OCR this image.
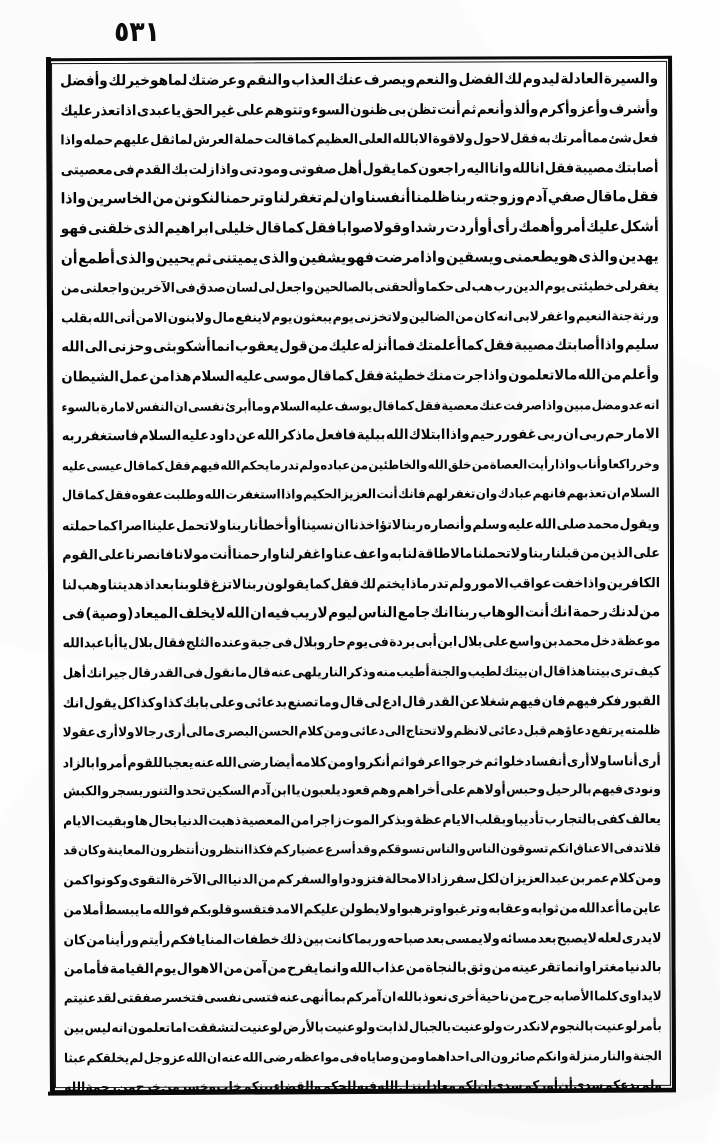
٥٣١
والسيرة
العادلة
ليدوم
لك
الفضل
والنعم
ويصرف
عنك
العذاب
والنقم
وعرضتك
لماهوخيرلك
وأفضل
وأشرف
وأعز
وأ
كرم
وألذ
وأنعم
ثم
أنت
تظن
بى
ظنون
السوء
وتتوهم
على
غير
الحق
ياعبدى
اذاتعذرعليك
فعل
شئ
مما
أمرتك
به
فقل
لاحول
ولاقوة
الابالله
العلى
العظيم
كما
قالت
حملة
العرش
لماثقل
عليهم
حمله
واذا
أصابتك
مصيبة
فقل
انالله
وانا
اليه
راجعون
كما
يقول
أهل
صفوتى
ومودتى
واذا
زلت
بك
القدم
فى
معصيتى
فقل
ماقال
صفي
آدم
وزوجته
ربنا
ظلمنا
أنفسنا
وان
لم
تغفر
لنا
وترحمنا
لنكونن
من
الخاسرين
واذا
أشكل
عليك
أمر
وأهمك
رأى
أوأردت
رشدا
وقولاصوابا
فقل
كما
قال
خليلى
ابراهيم
الذى
خلقنى
فهو
يهدين
والذى
هو
يطعمنى
ويسقين
واذامرضت
فهو
يشفين
والذى
يميتنى
ثم
يحيين
والذى
أطمع
أن
يغفرلى
خطيئتى
يوم
الدين
رب
هب
لى
حكما
وألحقنى
بالصالحين
واجعل
لى
لسان
صدق
فى
الآخرين
واجعلنى
من
ورثةجنة
النعيم
واغفر
لابى
انه
كان
من
الضالين
ولاتخزنى
يوم
يبعثون
يوم
لاينفع
مال
ولابنون
الامن
أتى
الله
بقلب
سليم
واذا
أصابتك
مصيبة
فقل
كما
أعلمتك
فما
أنزله
عليك
من
قول
يعقوب
انما
أشكو
بثى
وحزنى
الى
الله
وأعلم
من
الله
مالاتعلمون
واذاجرت
منك
خطيئة
فقل
كما
قال
موسى
عليه
السلام
هذا
من
عمل
الشيطان
انه
عدو
مضل
مبين
واذاصرفت
عنك
معصية
فقل
كما
قال
يوسف
عليه
السلام
وما
أبرئ
نفسى
ان
النفس
لامارة
بالسوء
الا
مارحم
ربى
ان
ربى
غفور
رحيم
واذا
ابتلاك
الله
ببلية
فافعل
ماذكر
الله
عن
داود
عليه
السلام
فاستغفر
ربه
وخر
راكعا
وأناب
واذا
رأيت
العصاة
من
خلق
الله
والخاطئين
من
عباده
ولم
تدر
ما
يحكم
الله
فيهم
فقل
كما
قال
عيسى
عليه
السلام
ان
تعذبهم
فانهم
عبادك
وان
تغفر
لهم
فانك
أنت
العزيز
الحكيم
واذا
استغفرت
الله
وطلبت
عفوه
فقل
كما
قال
ويقول
محمد
صلى
الله
عليه
وسلم
وأنصاره
ربنا
لاتؤاخذنا
ان
نسينا
أو
أخطأنا
ربنا
ولاتحمل
علينا
اصرا
كما
حملته
على
الذين
من
قبلنا
ربنا
ولاتحملنا
مالاطاقة
لنا
به
واعف
عنا
واغفر
لنا
وارحمنا
أنت
مولانا
فانصرنا
على
القوم
الكافرين
واذاخفت
عواقب
الامور
ولم
تدر
ماذا
يختم
لك
فقل
كما
يقولون
ربنا
لاتزغ
قلوبنا
بعد
اذ
هديتنا
وهب
لنا
من
لدنك
رحمة
انك
أنت
الوهاب
ربنا
انك
جامع
الناس
ليوم
لاريب
فيه
ان
الله
لايخلف
الميعاد
(وصية)
فى
موعظة
دخل
محمد
بن
واسع
على
بلال
ابن
أبى
بردة
فى
يوم
حار
وبلال
فى
جبة
وعنده
الثلج
فقال
بلال
يا
أباعبدالله
كيف
ترى
بيتنا
هذا
قال
ان
بيتك
لطيب
والجنة
أطيب
منه
وذكر
النار
يلهى
عنه
قال
ما
نقول
فى
القدر
قال
جيرانك
أهل
القبور
فكر
فيهم
فان
فيهم
شغلا
عن
القدر
قال
ادع
لى
قال
وما
تصنع
بدعائى
وعلى
بابك
كذا
وكذا
كل
يقول
انك
ظلمته
يرتفع
دعاؤهم
قبل
دعائى
لانظم
ولا
تحتاج
الى
دعائى
ومن
كلام
الحسن
البصرى
مالى
أرى
رجالا
ولا
أرى
عقولا
أرى
أناسا
ولا
أرى
أنفسا
دخلوا
ثم
خرجوا
اعرفوا
ثم
أنكروا
ومن
كلامه
أيضا
رضى
الله
عنه
يعجبا
للقوم
أمروا
بالزاد
ونودى
فيهم
بالرحيل
وحبس
أولاهم
على
أخراهم
وهم
قعود
يلعبون
يا
ابن
آدم
السكين
تحد
والتنور
يسجر
والكبش
يعالف
كفى
بالتجارب
تأديبا
وبقلب
الايام
عظة
وبذكر
الموت
زاجرا
من
المعصية
ذهبت
الدنيا
بحال
ها
وبقيت
الايام
قلا
تدفى
الاعناق
انكم
تسوقون
الناس
والناس
تسوقكم
وقد
أسرع
عضياركم
فكذا
انتظرون
أنتظرون
المعاينة
وكان
قد
ومن
كلام
عمر
بن
عبدالعزيز
ان
لكل
سفر
زادا
لامحالة
فتزودوا
والسفر
كم
من
الدنيا
الى
الآخرة
التقوى
وكونوا
كمن
عاين
ما
أعدالله
من
ثوابه
وعقابه
وترغبوا
وترهبوا
ولايطولن
عليكم
الامد
فتقسو
قلوبكم
فوالله
ما
يبسط
أملا
من
لايدرى
لعله
لايصبح
بعد
مسائه
ولايمسى
بعد
صباحه
وربما
كانت
بين
ذلك
خطفات
المنايا
فكم
رأيتم
ورأينا
من
كان
بالدنيا
مغترا
وانما
تقر
عينه
من
وثق
بالنجاة
من
عذاب
الله
وانما
يفرح
من
آمن
من
الاهوال
يوم
القيامة
فأما
من
لايداوى
كلما
الأصابه
جرح
من
ناحية
أخرى
نعوذ
بالله
ان
آمركم
بما
أنهى
عنه
فتسى
نفسى
فتخسر
صفقتى
لقد
عنيتم
بأمر
لو
عنيت
بالنجوم
لانكدرت
ولو
عنيت
بالجبال
لذابت
ولو
عنيت
بالأرض
لوعنيت
لتشققت
اما
تعلمون
انه
ليس
بين
الجنة
والنار
منزلة
وانكم
صائرون
الى
احداهما
ومن
وصاياه
فى
مواعظه
رضى
الله
عنه
ان
الله
عزوجل
لم
يخلقكم
عبثا
ولم
يدعكم
سدى
أن
أوركم
سدى
ان
لكم
معادا
ينزل
الله
فيه
للحكم
والقضاء
بينكم
خاب
وخسر
من
خرج
من
رحمة
الله
